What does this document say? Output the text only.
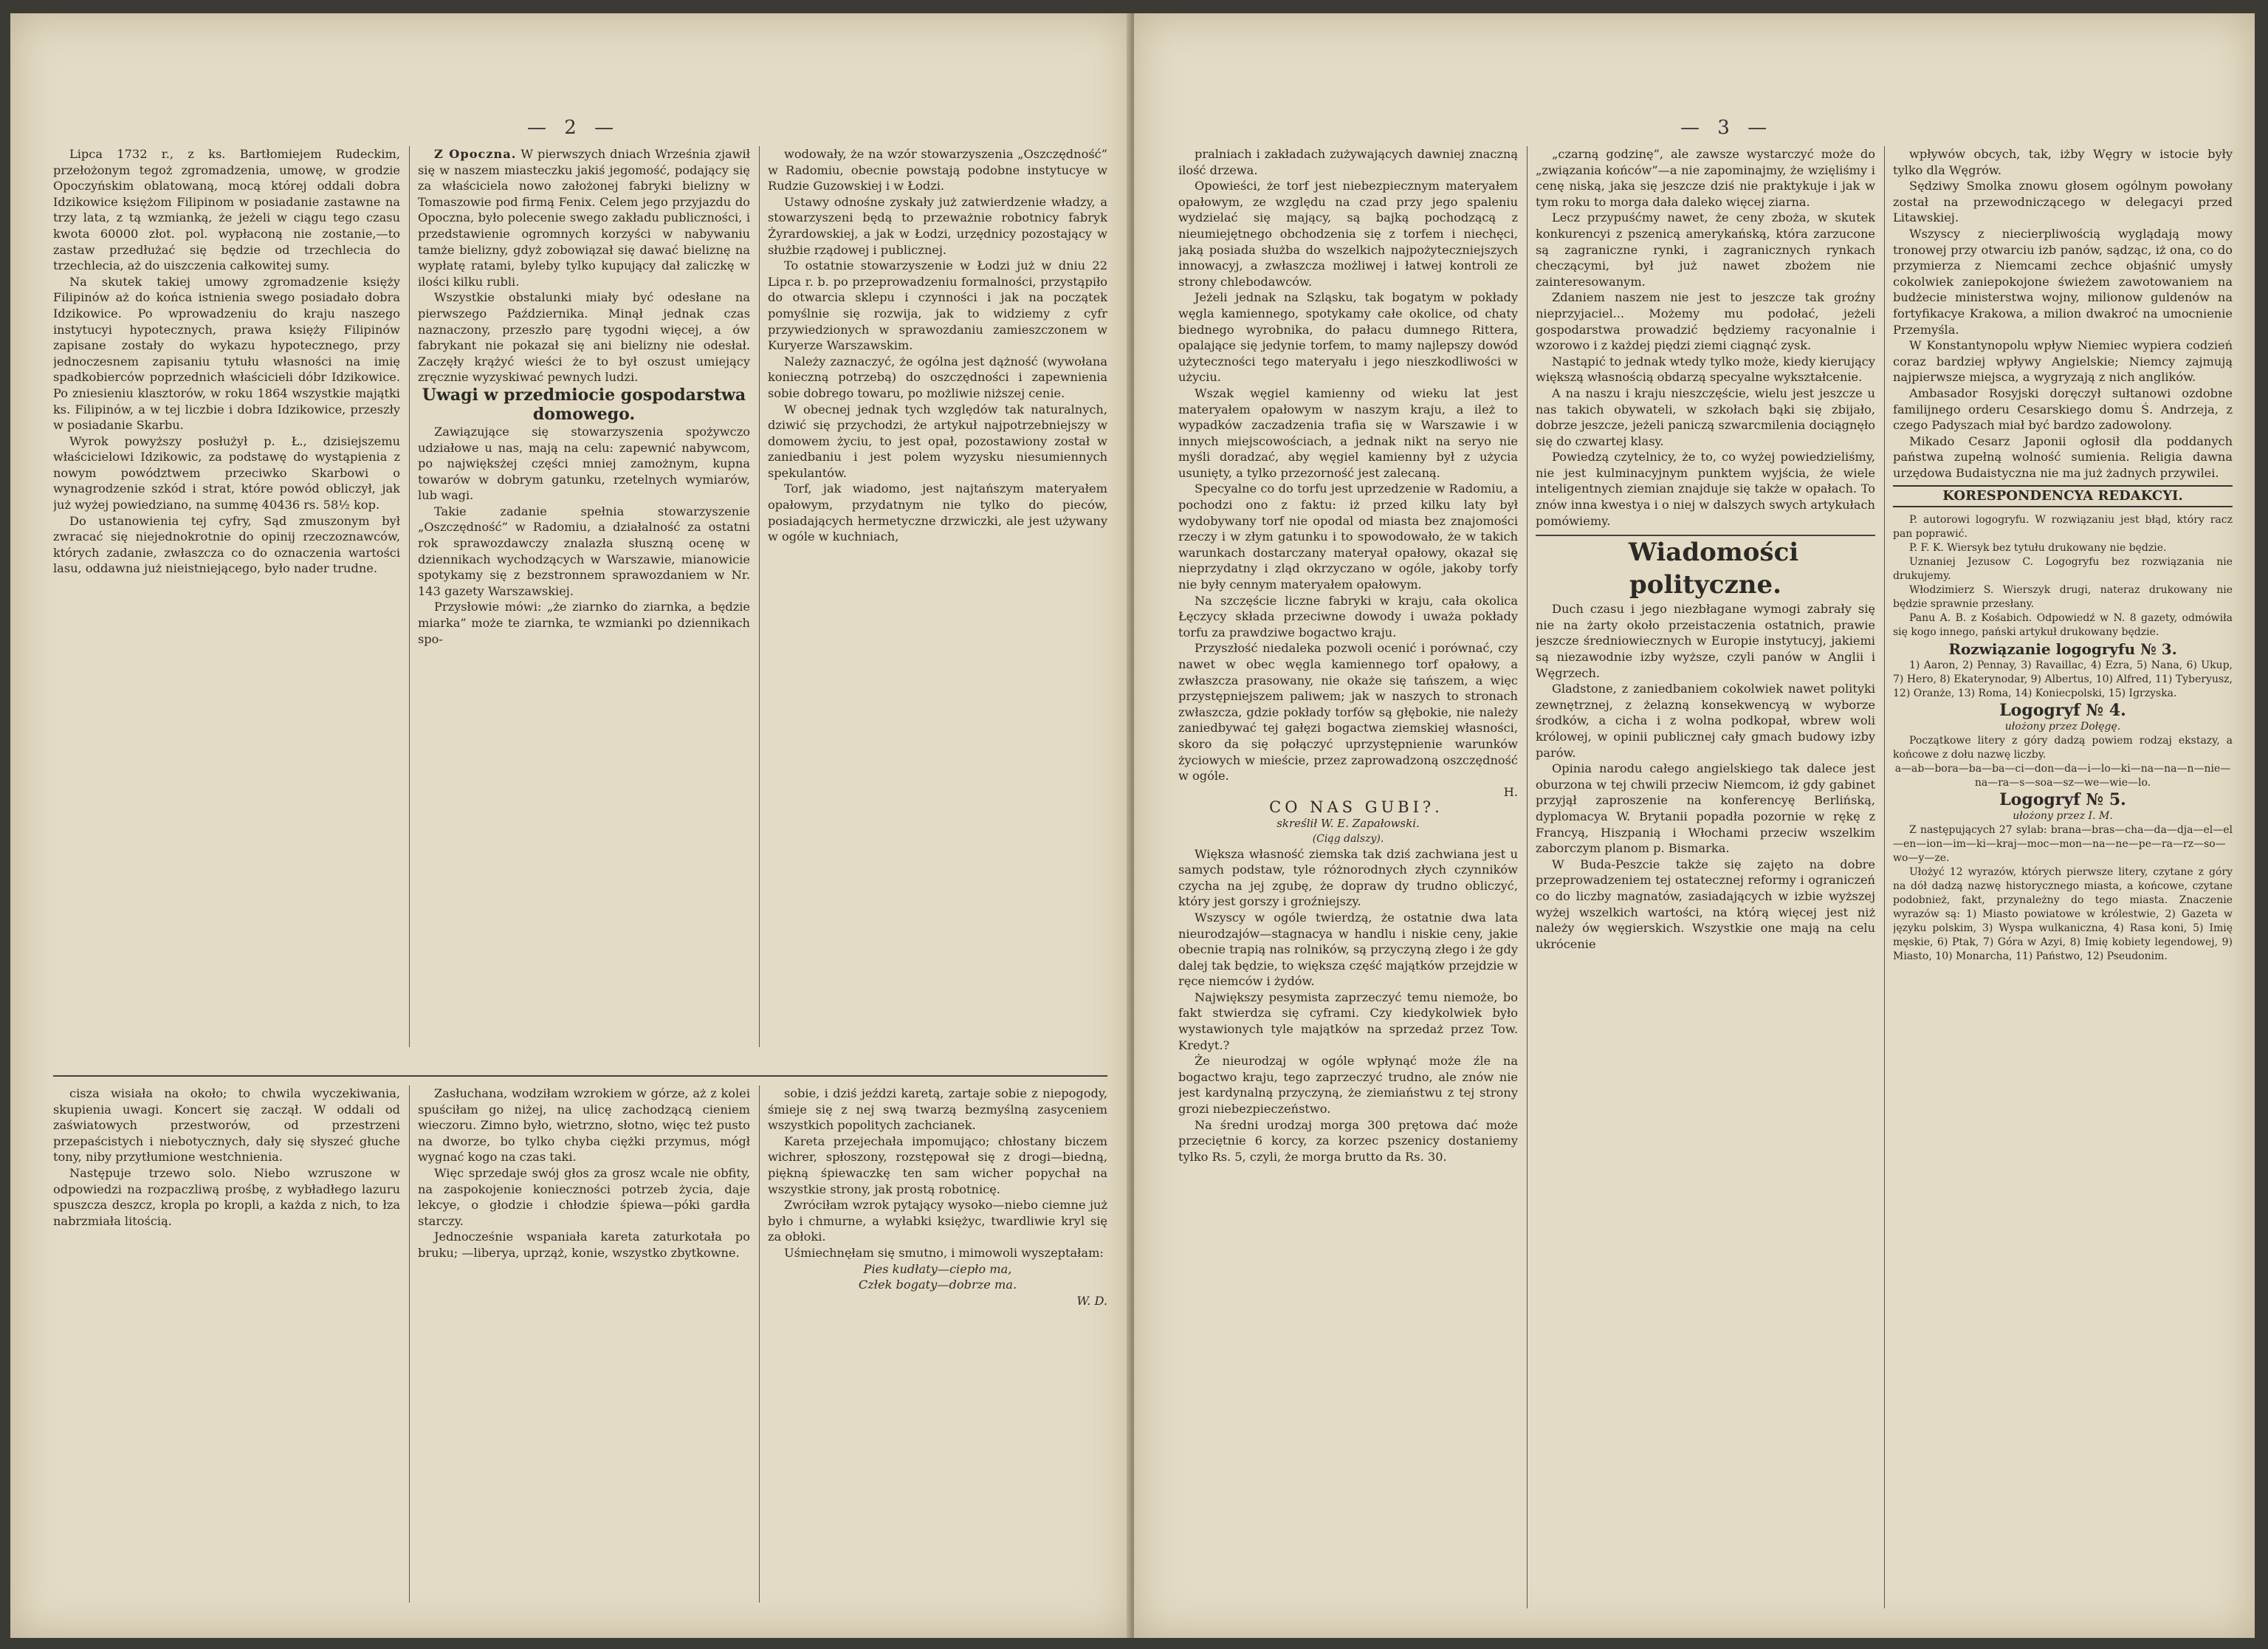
— 2 —

Lipca 1732 r., z ks. Bartłomiejem Rudeckim, przełożonym tegoż zgromadzenia, umowę, w grodzie Opoczyńskim oblatowaną, mocą której oddali dobra Idzikowice księżom Filipinom w posiadanie zastawne na trzy lata, z tą wzmianką, że jeżeli w ciągu tego czasu kwota 60000 złot. pol. wypłaconą nie zostanie,—to zastaw przedłużać się będzie od trzechlecia do trzechlecia, aż do uiszczenia całkowitej sumy.

Na skutek takiej umowy zgromadzenie księży Filipinów aż do końca istnienia swego posiadało dobra Idzikowice. Po wprowadzeniu do kraju naszego instytucyi hypotecznych, prawa księży Filipinów zapisane zostały do wykazu hypotecznego, przy jednoczesnem zapisaniu tytułu własności na imię spadkobierców poprzednich właścicieli dóbr Idzikowice. Po zniesieniu klasztorów, w roku 1864 wszystkie majątki ks. Filipinów, a w tej liczbie i dobra Idzikowice, przeszły w posiadanie Skarbu.

Wyrok powyższy posłużył p. Ł., dzisiejszemu właścicielowi Idzikowic, za podstawę do wystąpienia z nowym powództwem przeciwko Skarbowi o wynagrodzenie szkód i strat, które powód obliczył, jak już wyżej powiedziano, na summę 40436 rs. 58½ kop.

Do ustanowienia tej cyfry, Sąd zmuszonym był zwracać się niejednokrotnie do opinij rzeczoznawców, których zadanie, zwłaszcza co do oznaczenia wartości lasu, oddawna już nieistniejącego, było nader trudne.

Z Opoczna. W pierwszych dniach Września zjawił się w naszem miasteczku jakiś jegomość, podający się za właściciela nowo założonej fabryki bielizny w Tomaszowie pod firmą Fenix. Celem jego przyjazdu do Opoczna, było polecenie swego zakładu publiczności, i przedstawienie ogromnych korzyści w nabywaniu tamże bielizny, gdyż zobowiązał się dawać bieliznę na wypłatę ratami, byleby tylko kupujący dał zaliczkę w ilości kilku rubli.

Wszystkie obstalunki miały być odesłane na pierwszego Października. Minął jednak czas naznaczony, przeszło parę tygodni więcej, a ów fabrykant nie pokazał się ani bielizny nie odesłał. Zaczęły krążyć wieści że to był oszust umiejący zręcznie wyzyskiwać pewnych ludzi.

Uwagi w przedmiocie gospodarstwa domowego.

Zawiązujące się stowarzyszenia spożywczo udziałowe u nas, mają na celu: zapewnić nabywcom, po najwięksżej części mniej zamożnym, kupna towarów w dobrym gatunku, rzetelnych wymiarów, lub wagi.

Takie zadanie spełnia stowarzyszenie „Oszczędność” w Radomiu, a działalność za ostatni rok sprawozdawczy znalazła słuszną ocenę w dziennikach wychodzących w Warszawie, mianowicie spotykamy się z bezstronnem sprawozdaniem w Nr. 143 gazety Warszawskiej.

Przysłowie mówi: „że ziarnko do ziarnka, a będzie miarka” może te ziarnka, te wzmianki po dziennikach spo-

wodowały, że na wzór stowarzyszenia „Oszczędność” w Radomiu, obecnie powstają podobne instytucye w Rudzie Guzowskiej i w Łodzi.

Ustawy odnośne zyskały już zatwierdzenie władzy, a stowarzyszeni będą to przeważnie robotnicy fabryk Żyrardowskiej, a jak w Łodzi, urzędnicy pozostający w służbie rządowej i publicznej.

To ostatnie stowarzyszenie w Łodzi już w dniu 22 Lipca r. b. po przeprowadzeniu formalności, przystąpiło do otwarcia sklepu i czynności i jak na początek pomyślnie się rozwija, jak to widziemy z cyfr przywiedzionych w sprawozdaniu zamieszczonem w Kuryerze Warszawskim.

Należy zaznaczyć, że ogólna jest dążność (wywołana konieczną potrzebą) do oszczędności i zapewnienia sobie dobrego towaru, po możliwie niższej cenie.

W obecnej jednak tych względów tak naturalnych, dziwić się przychodzi, że artykuł najpotrzebniejszy w domowem życiu, to jest opał, pozostawiony został w zaniedbaniu i jest polem wyzysku niesumiennych spekulantów.

Torf, jak wiadomo, jest najtańszym materyałem opałowym, przydatnym nie tylko do pieców, posiadających hermetyczne drzwiczki, ale jest używany w ogóle w kuchniach,

cisza wisiała na około; to chwila wyczekiwania, skupienia uwagi. Koncert się zaczął. W oddali od zaświatowych przestworów, od przestrzeni przepaścistych i niebotycznych, dały się słyszeć głuche tony, niby przytłumione westchnienia.

Następuje trzewo solo. Niebo wzruszone w odpowiedzi na rozpaczliwą prośbę, z wybładłego lazuru spuszcza deszcz, kropla po kropli, a każda z nich, to łza nabrzmiała litością.

Zasłuchana, wodziłam wzrokiem w górze, aż z kolei spuściłam go niżej, na ulicę zachodzącą cieniem wieczoru. Zimno było, wietrzno, słotno, więc też pusto na dworze, bo tylko chyba ciężki przymus, mógł wygnać kogo na czas taki.

Więc sprzedaje swój głos za grosz wcale nie obfity, na zaspokojenie konieczności potrzeb życia, daje lekcye, o głodzie i chłodzie śpiewa—póki gardła starczy.

Jednocześnie wspaniała kareta zaturkotała po bruku; —liberya, uprząż, konie, wszystko zbytkowne.

sobie, i dziś jeździ karetą, zartaje sobie z niepogody, śmieje się z nej swą twarzą bezmyślną zasyceniem wszystkich popolitych zachcianek.

Kareta przejechała impomująco; chłostany biczem wichrer, spłoszony, rozstępował się z drogi—biedną, piękną śpiewaczkę ten sam wicher popychał na wszystkie strony, jak prostą robotnicę.

Zwróciłam wzrok pytający wysoko—niebo ciemne już było i chmurne, a wyłabki księżyc, twardliwie kryl się za obłoki.

Uśmiechnęłam się smutno, i mimowoli wyszeptałam:

Pies kudłaty—ciepło ma,

Człek bogaty—dobrze ma.

W. D.

— 3 —

pralniach i zakładach zużywających dawniej znaczną ilość drzewa.

Opowieści, że torf jest niebezpiecznym materyałem opałowym, ze względu na czad przy jego spaleniu wydzielać się mający, są bajką pochodzącą z nieumiejętnego obchodzenia się z torfem i niechęci, jaką posiada służba do wszelkich najpożyteczniejszych innowacyj, a zwłaszcza możliwej i łatwej kontroli ze strony chlebodawców.

Jeżeli jednak na Szląsku, tak bogatym w pokłady węgla kamiennego, spotykamy całe okolice, od chaty biednego wyrobnika, do pałacu dumnego Rittera, opalające się jedynie torfem, to mamy najlepszy dowód użyteczności tego materyału i jego nieszkodliwości w użyciu.

Wszak węgiel kamienny od wieku lat jest materyałem opałowym w naszym kraju, a ileż to wypadków zaczadzenia trafia się w Warszawie i w innych miejscowościach, a jednak nikt na seryo nie myśli doradzać, aby węgiel kamienny był z użycia usunięty, a tylko przezorność jest zalecaną.

Specyalne co do torfu jest uprzedzenie w Radomiu, a pochodzi ono z faktu: iż przed kilku laty był wydobywany torf nie opodal od miasta bez znajomości rzeczy i w złym gatunku i to spowodowało, że w takich warunkach dostarczany materyał opałowy, okazał się nieprzydatny i zląd okrzyczano w ogóle, jakoby torfy nie były cennym materyałem opałowym.

Na szczęście liczne fabryki w kraju, cała okolica Łęczycy składa przeciwne dowody i uważa pokłady torfu za prawdziwe bogactwo kraju.

Przyszłość niedaleka pozwoli ocenić i porównać, czy nawet w obec węgla kamiennego torf opałowy, a zwłaszcza prasowany, nie okaże się tańszem, a więc przystępniejszem paliwem; jak w naszych to stronach zwłaszcza, gdzie pokłady torfów są głębokie, nie należy zaniedbywać tej gałęzi bogactwa ziemskiej własności, skoro da się połączyć uprzystępnienie warunków życiowych w mieście, przez zaprowadzoną oszczędność w ogóle.

H.

CO NAS GUBI?.

skreślił W. E. Zapałowski.

(Ciąg dalszy).

Większa własność ziemska tak dziś zachwiana jest u samych podstaw, tyle różnorodnych złych czynników czycha na jej zgubę, że dopraw dy trudno obliczyć, który jest gorszy i groźniejszy.

Wszyscy w ogóle twierdzą, że ostatnie dwa lata nieurodzajów—stagnacya w handlu i niskie ceny, jakie obecnie trapią nas rolników, są przyczyną złego i że gdy dalej tak będzie, to większa część majątków przejdzie w ręce niemców i żydów.

Największy pesymista zaprzeczyć temu niemoże, bo fakt stwierdza się cyframi. Czy kiedykolwiek było wystawionych tyle majątków na sprzedaż przez Tow. Kredyt.?

Że nieurodzaj w ogóle wpłynąć może źle na bogactwo kraju, tego zaprzeczyć trudno, ale znów nie jest kardynalną przyczyną, że ziemiaństwu z tej strony grozi niebezpieczeństwo.

Na średni urodzaj morga 300 prętowa dać może przeciętnie 6 korcy, za korzec pszenicy dostaniemy tylko Rs. 5, czyli, że morga brutto da Rs. 30.

„czarną godzinę”, ale zawsze wystarczyć może do „związania końców”—a nie zapominajmy, że wzięliśmy i cenę niską, jaka się jeszcze dziś nie praktykuje i jak w tym roku to morga dała daleko więcej ziarna.

Lecz przypuśćmy nawet, że ceny zboża, w skutek konkurencyi z pszenicą amerykańską, która zarzucone są zagraniczne rynki, i zagranicznych rynkach checzącymi, był już nawet zbożem nie zainteresowanym.

Zdaniem naszem nie jest to jeszcze tak groźny nieprzyjaciel... Możemy mu podołać, jeżeli gospodarstwa prowadzić będziemy racyonalnie i wzorowo i z każdej piędzi ziemi ciągnąć zysk.

Nastąpić to jednak wtedy tylko może, kiedy kierujący większą własnością obdarzą specyalne wykształcenie.

A na naszu i kraju nieszczęście, wielu jest jeszcze u nas takich obywateli, w szkołach bąki się zbijało, dobrze jeszcze, jeżeli paniczą szwarcmilenia dociągnęło się do czwartej klasy.

Powiedzą czytelnicy, że to, co wyżej powiedzieliśmy, nie jest kulminacyjnym punktem wyjścia, że wiele inteligentnych ziemian znajduje się także w opałach. To znów inna kwestya i o niej w dalszych swych artykułach pomówiemy.

Wiadomości polityczne.

Duch czasu i jego niezbłagane wymogi zabrały się nie na żarty około przeistaczenia ostatnich, prawie jeszcze średniowiecznych w Europie instytucyj, jakiemi są niezawodnie izby wyższe, czyli panów w Anglii i Węgrzech.

Gladstone, z zaniedbaniem cokolwiek nawet polityki zewnętrznej, z żelazną konsekwencyą w wyborze środków, a cicha i z wolna podkopał, wbrew woli królowej, w opinii publicznej cały gmach budowy izby parów.

Opinia narodu całego angielskiego tak dalece jest oburzona w tej chwili przeciw Niemcom, iż gdy gabinet przyjął zaproszenie na konferencyę Berlińską, dyplomacya W. Brytanii popadła pozornie w rękę z Francyą, Hiszpanią i Włochami przeciw wszelkim zaborczym planom p. Bismarka.

W Buda-Peszcie także się zajęto na dobre przeprowadzeniem tej ostatecznej reformy i ograniczeń co do liczby magnatów, zasiadających w izbie wyższej wyżej wszelkich wartości, na którą więcej jest niż należy ów węgierskich. Wszystkie one mają na celu ukrócenie

wpływów obcych, tak, iżby Węgry w istocie były tylko dla Węgrów.

Sędziwy Smolka znowu głosem ogólnym powołany został na przewodniczącego w delegacyi przed Litawskiej.

Wszyscy z niecierpliwością wyglądają mowy tronowej przy otwarciu izb panów, sądząc, iż ona, co do przymierza z Niemcami zechce objaśnić umysły cokolwiek zaniepokojone świeżem zawotowaniem na budżecie ministerstwa wojny, milionow guldenów na fortyfikacye Krakowa, a milion dwakroć na umocnienie Przemyśla.

W Konstantynopolu wpływ Niemiec wypiera codzień coraz bardziej wpływy Angielskie; Niemcy zajmują najpierwsze miejsca, a wygryzają z nich anglików.

Ambasador Rosyjski doręczył sułtanowi ozdobne familijnego orderu Cesarskiego domu Ś. Andrzeja, z czego Padyszach miał być bardzo zadowolony.

Mikado Cesarz Japonii ogłosił dla poddanych państwa zupełną wolność sumienia. Religia dawna urzędowa Budaistyczna nie ma już żadnych przywilei.

KORESPONDENCYA REDAKCYI.

P. autorowi logogryfu. W rozwiązaniu jest błąd, który racz pan poprawić.

P. F. K. Wiersyk bez tytułu drukowany nie będzie.

Uznaniej Jezusow C. Logogryfu bez rozwiązania nie drukujemy.

Włodzimierz S. Wierszyk drugi, nateraz drukowany nie będzie sprawnie przesłany.

Panu A. B. z Kośabich. Odpowiedź w N. 8 gazety, odmówiła się kogo innego, pański artykuł drukowany będzie.

Rozwiązanie logogryfu № 3.

1) Aaron, 2) Pennay, 3) Ravaillac, 4) Ezra, 5) Nana, 6) Ukup, 7) Hero, 8) Ekaterynodar, 9) Albertus, 10) Alfred, 11) Tyberyusz, 12) Oranże, 13) Roma, 14) Koniecpolski, 15) Igrzyska.

Logogryf № 4.

ułożony przez Dołęgę.

Początkowe litery z góry dadzą powiem rodzaj ekstazy, a końcowe z dołu nazwę liczby.

a—ab—bora—ba—ba—ci—don—da—i—lo—ki—na—na—n—nie—na—ra—s—soa—sz—we—wie—lo.

Logogryf № 5.

ułożony przez I. M.

Z następujących 27 sylab: brana—bras—cha—da—dja—el—el—en—ion—im—ki—kraj—moc—mon—na—ne—pe—ra—rz—so—wo—y—ze.

Ułożyć 12 wyrazów, których pierwsze litery, czytane z góry na dół dadzą nazwę historycznego miasta, a końcowe, czytane podobnież, fakt, przynależny do tego miasta. Znaczenie wyrazów są: 1) Miasto powiatowe w królestwie, 2) Gazeta w języku polskim, 3) Wyspa wulkaniczna, 4) Rasa koni, 5) Imię męskie, 6) Ptak, 7) Góra w Azyi, 8) Imię kobiety legendowej, 9) Miasto, 10) Monarcha, 11) Państwo, 12) Pseudonim.
